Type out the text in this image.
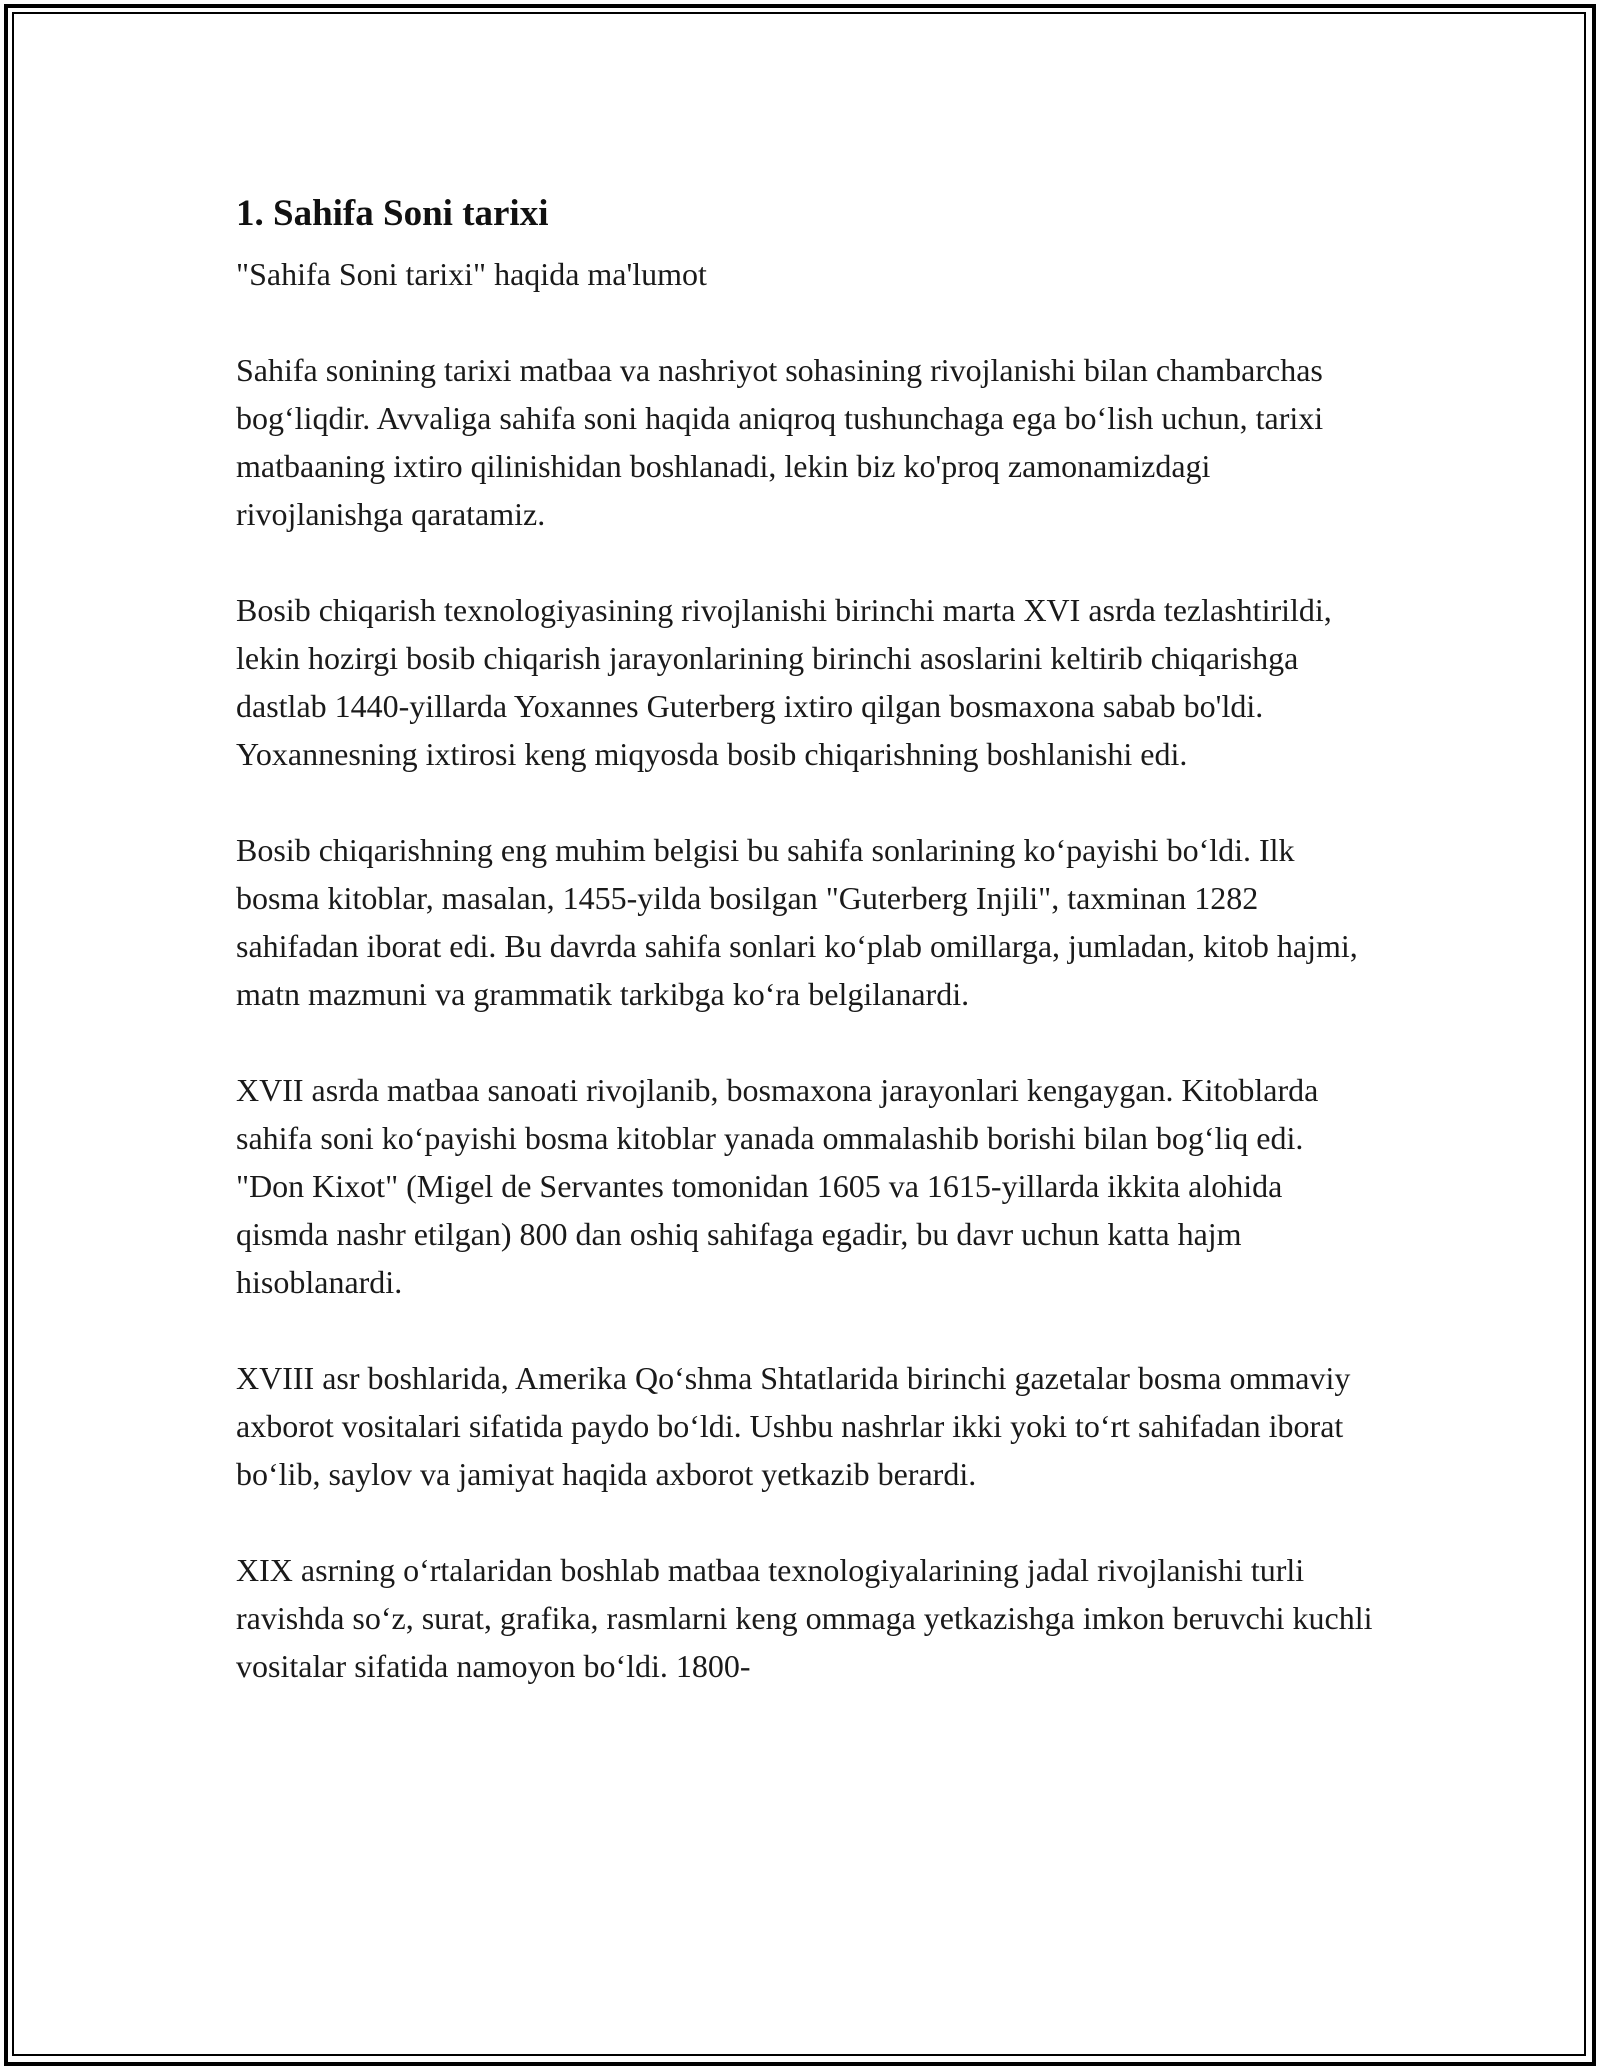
1. Sahifa Soni tarixi

"Sahifa Soni tarixi" haqida ma'lumot

Sahifa sonining tarixi matbaa va nashriyot sohasining rivojlanishi bilan chambarchas bog‘liqdir. Avvaliga sahifa soni haqida aniqroq tushunchaga ega bo‘lish uchun, tarixi matbaaning ixtiro qilinishidan boshlanadi, lekin biz ko'proq zamonamizdagi rivojlanishga qaratamiz.

Bosib chiqarish texnologiyasining rivojlanishi birinchi marta XVI asrda tezlashtirildi, lekin hozirgi bosib chiqarish jarayonlarining birinchi asoslarini keltirib chiqarishga dastlab 1440-yillarda Yoxannes Guterberg ixtiro qilgan bosmaxona sabab bo'ldi. Yoxannesning ixtirosi keng miqyosda bosib chiqarishning boshlanishi edi.

Bosib chiqarishning eng muhim belgisi bu sahifa sonlarining ko‘payishi bo‘ldi. Ilk bosma kitoblar, masalan, 1455-yilda bosilgan "Guterberg Injili", taxminan 1282 sahifadan iborat edi. Bu davrda sahifa sonlari ko‘plab omillarga, jumladan, kitob hajmi, matn mazmuni va grammatik tarkibga ko‘ra belgilanardi.

XVII asrda matbaa sanoati rivojlanib, bosmaxona jarayonlari kengaygan. Kitoblarda sahifa soni ko‘payishi bosma kitoblar yanada ommalashib borishi bilan bog‘liq edi. "Don Kixot" (Migel de Servantes tomonidan 1605 va 1615-yillarda ikkita alohida qismda nashr etilgan) 800 dan oshiq sahifaga egadir, bu davr uchun katta hajm hisoblanardi.

XVIII asr boshlarida, Amerika Qo‘shma Shtatlarida birinchi gazetalar bosma ommaviy axborot vositalari sifatida paydo bo‘ldi. Ushbu nashrlar ikki yoki to‘rt sahifadan iborat bo‘lib, saylov va jamiyat haqida axborot yetkazib berardi.

XIX asrning o‘rtalaridan boshlab matbaa texnologiyalarining jadal rivojlanishi turli ravishda so‘z, surat, grafika, rasmlarni keng ommaga yetkazishga imkon beruvchi kuchli vositalar sifatida namoyon bo‘ldi. 1800-
